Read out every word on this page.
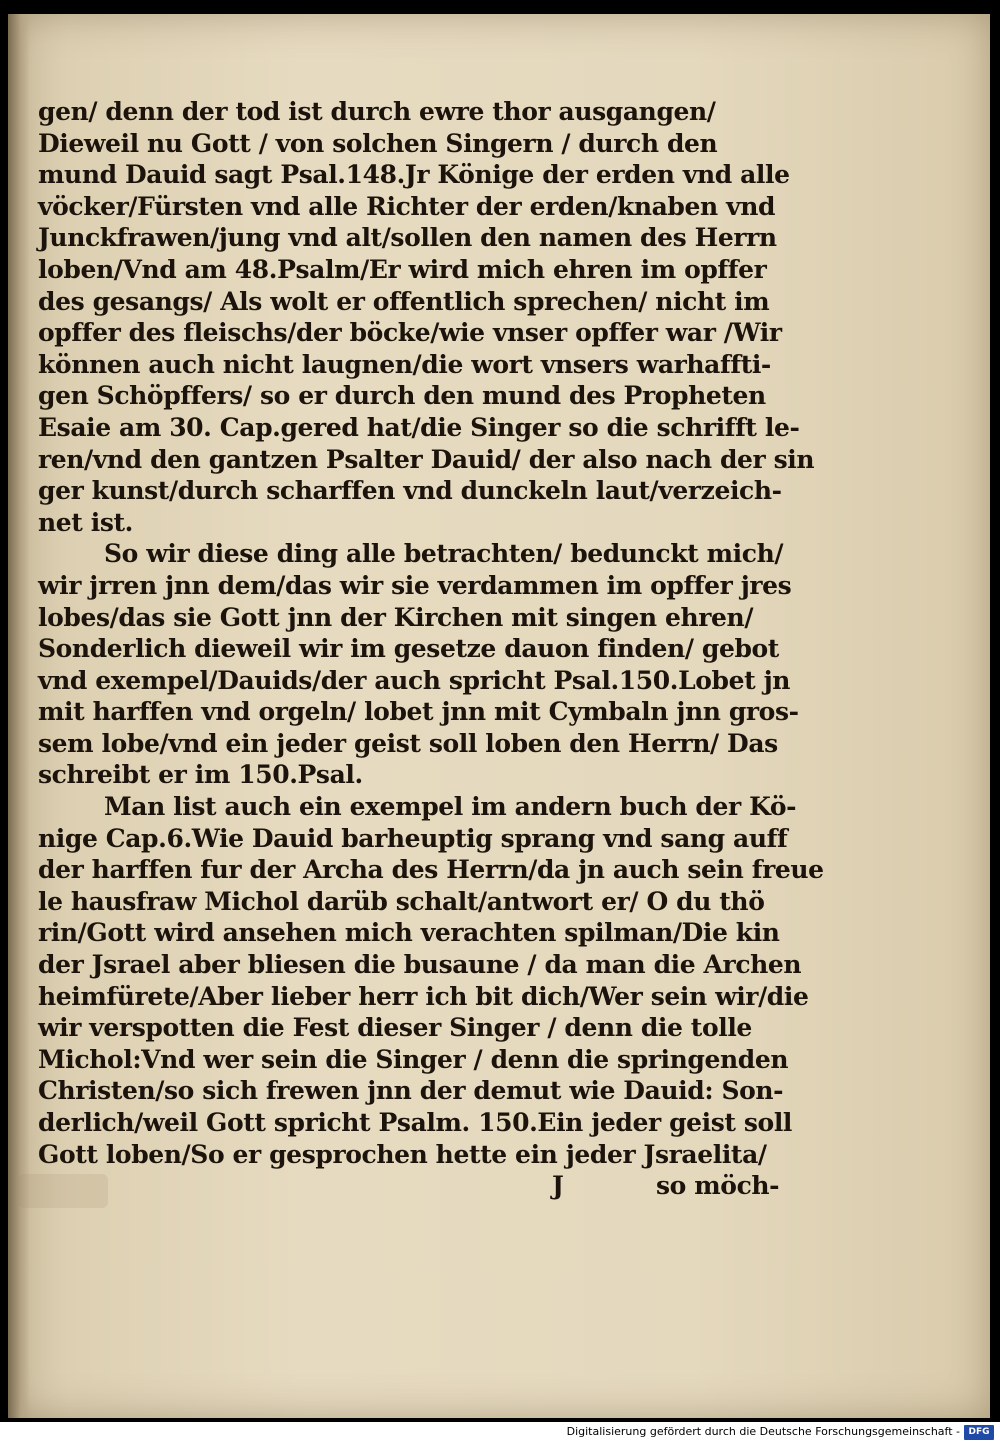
gen/ denn der tod ist durch ewre thor ausgangen/
Dieweil nu Gott / von solchen Singern / durch den
mund Dauid sagt Psal.148.Jr Könige der erden vnd alle
vöcker/Fürsten vnd alle Richter der erden/knaben vnd
Junckfrawen/jung vnd alt/sollen den namen des Herrn
loben/Vnd am 48.Psalm/Er wird mich ehren im opffer
des gesangs/ Als wolt er offentlich sprechen/ nicht im
opffer des fleischs/der böcke/wie vnser opffer war /Wir
können auch nicht laugnen/die wort vnsers warhaffti-
gen Schöpffers/ so er durch den mund des Propheten
Esaie am 30. Cap.gered hat/die Singer so die schrifft le-
ren/vnd den gantzen Psalter Dauid/ der also nach der sin
ger kunst/durch scharffen vnd dunckeln laut/verzeich-
net ist.
So wir diese ding alle betrachten/ bedunckt mich/
wir jrren jnn dem/das wir sie verdammen im opffer jres
lobes/das sie Gott jnn der Kirchen mit singen ehren/
Sonderlich dieweil wir im gesetze dauon finden/ gebot
vnd exempel/Dauids/der auch spricht Psal.150.Lobet jn
mit harffen vnd orgeln/ lobet jnn mit Cymbaln jnn gros-
sem lobe/vnd ein jeder geist soll loben den Herrn/ Das
schreibt er im 150.Psal.
Man list auch ein exempel im andern buch der Kö-
nige Cap.6.Wie Dauid barheuptig sprang vnd sang auff
der harffen fur der Archa des Herrn/da jn auch sein freue
le hausfraw Michol darüb schalt/antwort er/ O du thö
rin/Gott wird ansehen mich verachten spilman/Die kin
der Jsrael aber bliesen die busaune / da man die Archen
heimfürete/Aber lieber herr ich bit dich/Wer sein wir/die
wir verspotten die Fest dieser Singer / denn die tolle
Michol:Vnd wer sein die Singer / denn die springenden
Christen/so sich frewen jnn der demut wie Dauid: Son-
derlich/weil Gott spricht Psalm. 150.Ein jeder geist soll
Gott loben/So er gesprochen hette ein jeder Jsraelita/
J	so möch-
Digitalisierung gefördert durch die Deutsche Forschungsgemeinschaft - DFG
